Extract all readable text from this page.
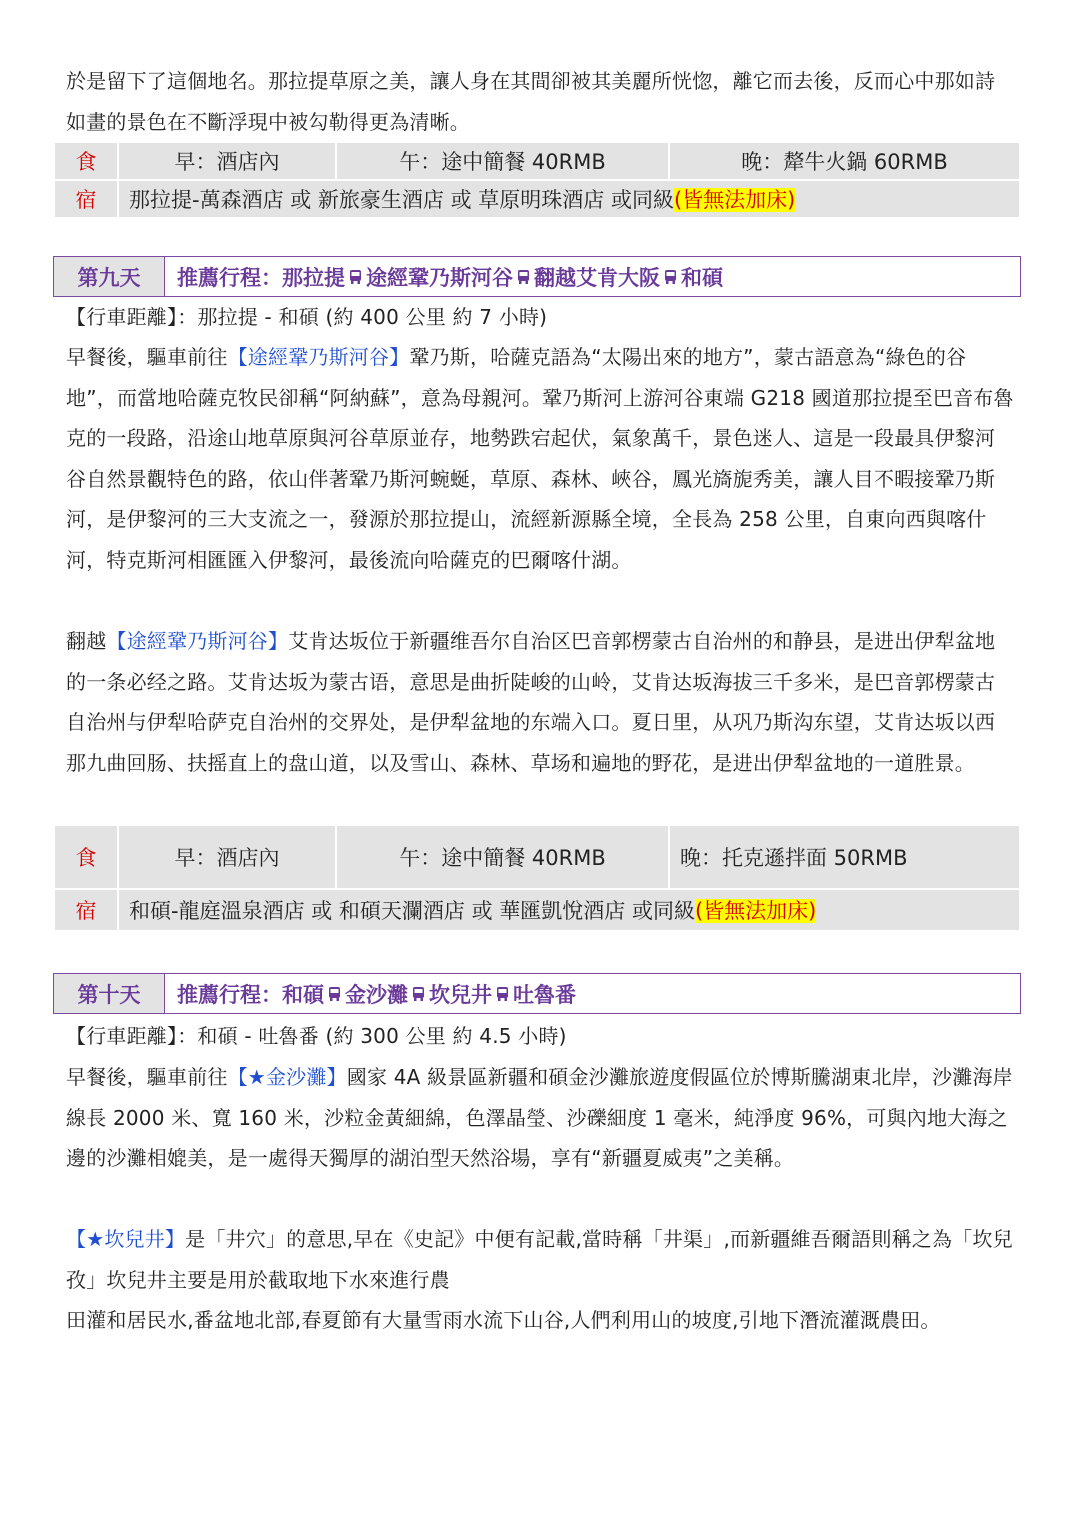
於是留下了這個地名。那拉提草原之美，讓人身在其間卻被其美麗所恍惚，離它而去後，反而心中那如詩如畫的景色在不斷浮現中被勾勒得更為清晰。

食	早：酒店內	午：途中簡餐 40RMB	晚：犛牛火鍋 60RMB
宿	那拉提-萬森酒店 或 新旅豪生酒店 或 草原明珠酒店 或同級(皆無法加床)		
第九天	推薦行程： 那拉提 途經鞏乃斯河谷 翻越艾肯大阪 和碩

【行車距離】：那拉提 - 和碩 (約 400 公里 約 7 小時)

早餐後，驅車前往【途經鞏乃斯河谷】鞏乃斯，哈薩克語為“太陽出來的地方”，蒙古語意為“綠色的谷地”，而當地哈薩克牧民卻稱“阿納蘇”，意為母親河。鞏乃斯河上游河谷東端 G218 國道那拉提至巴音布魯克的一段路，沿途山地草原與河谷草原並存，地勢跌宕起伏，氣象萬千，景色迷人、這是一段最具伊黎河谷自然景觀特色的路，依山伴著鞏乃斯河蜿蜒，草原、森林、峽谷，鳳光旖旎秀美，讓人目不暇接鞏乃斯河，是伊黎河的三大支流之一，發源於那拉提山，流經新源縣全境，全長為 258 公里，自東向西與喀什河，特克斯河相匯匯入伊黎河，最後流向哈薩克的巴爾喀什湖。

翻越【途經鞏乃斯河谷】艾肯达坂位于新疆维吾尔自治区巴音郭楞蒙古自治州的和静县，是进出伊犁盆地的一条必经之路。艾肯达坂为蒙古语，意思是曲折陡峻的山岭，艾肯达坂海拔三千多米，是巴音郭楞蒙古 自治州与伊犁哈萨克自治州的交界处，是伊犁盆地的东端入口。夏日里，从巩乃斯沟东望，艾肯达坂以西那九曲回肠、扶摇直上的盘山道，以及雪山、森林、草场和遍地的野花，是进出伊犁盆地的一道胜景。

食	早：酒店內	午：途中簡餐 40RMB	晚：托克遜拌面 50RMB
宿	和碩-龍庭溫泉酒店 或 和碩天瀾酒店 或 華匯凱悅酒店 或同級(皆無法加床)		
第十天	推薦行程： 和碩 金沙灘 坎兒井 吐魯番

【行車距離】：和碩 - 吐魯番 (約 300 公里 約 4.5 小時)

早餐後，驅車前往【★金沙灘】國家 4A 級景區新疆和碩金沙灘旅遊度假區位於博斯騰湖東北岸，沙灘海岸線長 2000 米、寬 160 米，沙粒金黃細綿，色澤晶瑩、沙礫細度 1 毫米，純淨度 96%，可與內地大海之邊的沙灘相媲美，是一處得天獨厚的湖泊型天然浴場，享有“新疆夏威夷”之美稱。

【★坎兒井】是「井穴」的意思,早在《史記》中便有記載,當時稱「井渠」,而新疆維吾爾語則稱之為「坎兒孜」坎兒井主要是用於截取地下水來進行農

田灌和居民水,番盆地北部,春夏節有大量雪雨水流下山谷,人們利用山的坡度,引地下潛流灌溉農田。
